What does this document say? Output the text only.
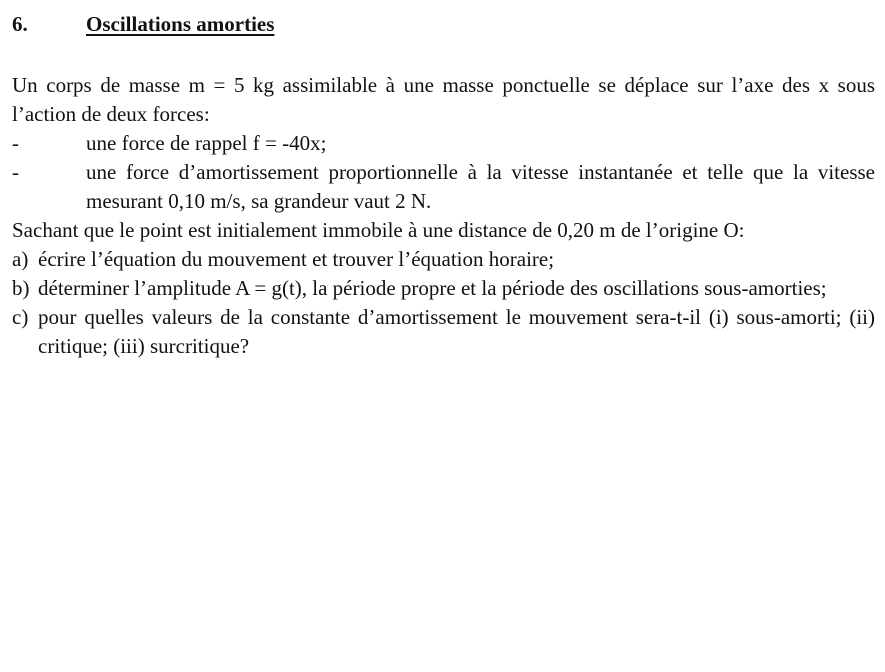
6.	Oscillations amorties
Un corps de masse m = 5 kg assimilable à une masse ponctuelle se déplace sur l’axe des x sous l’action de deux forces:
-	une force de rappel f = -40x;
-	une force d’amortissement proportionnelle à la vitesse instantanée et telle que la vitesse mesurant 0,10 m/s, sa grandeur vaut 2 N.
Sachant que le point est initialement immobile à une distance de 0,20 m de l’origine O:
a) écrire l’équation du mouvement et trouver l’équation horaire;
b) déterminer l’amplitude A = g(t), la période propre et la période des oscillations sous-amorties;
c) pour quelles valeurs de la constante d’amortissement le mouvement sera-t-il (i) sous-amorti; (ii) critique; (iii) surcritique?
